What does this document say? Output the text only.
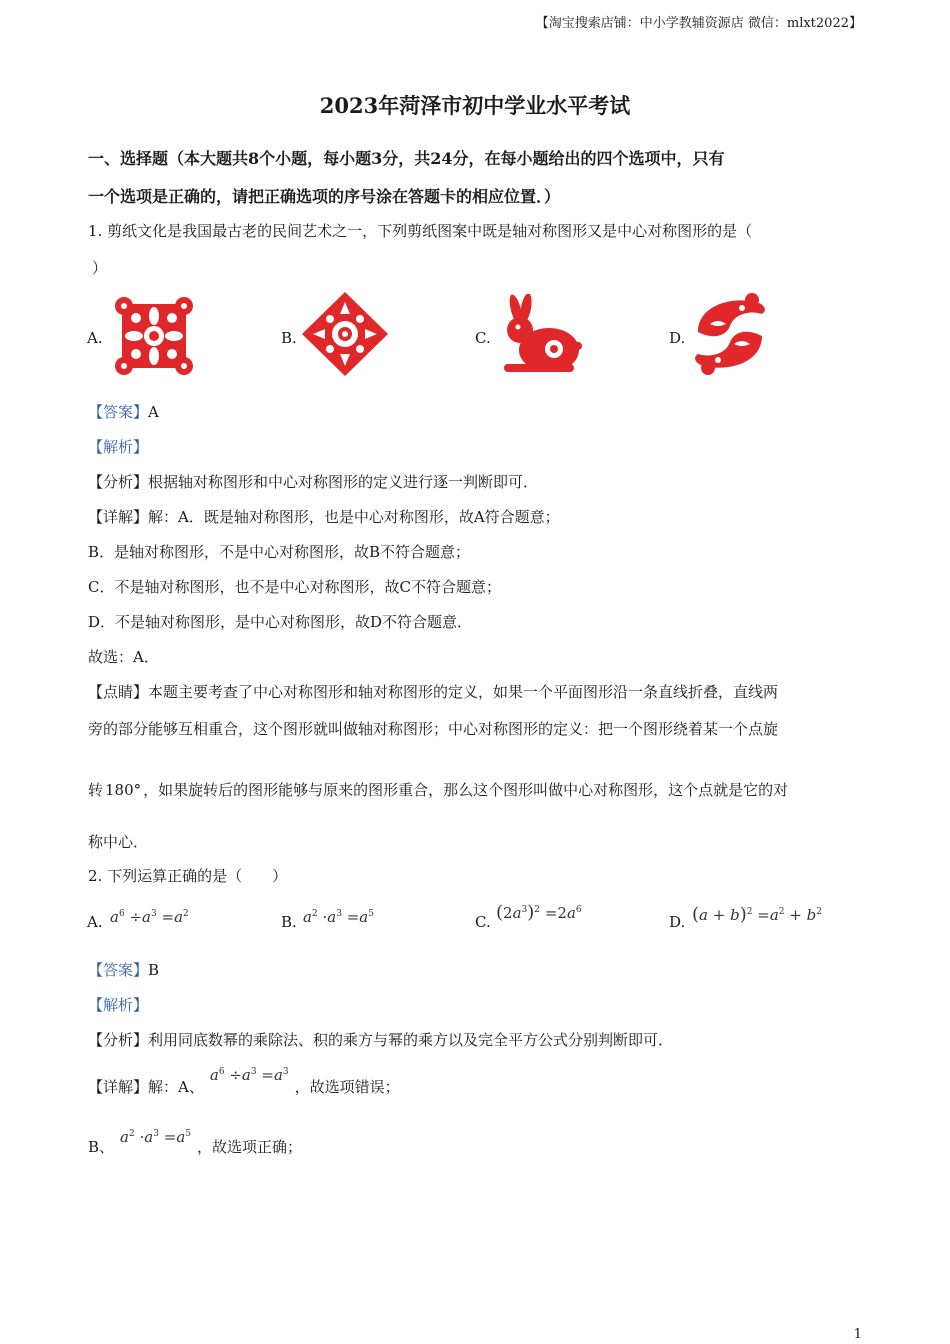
【淘宝搜索店铺：中小学教辅资源店 微信：mlxt2022】
2023年菏泽市初中学业水平考试
一、选择题（本大题共8个小题，每小题3分，共24分，在每小题给出的四个选项中，只有
一个选项是正确的，请把正确选项的序号涂在答题卡的相应位置．）
1. 剪纸文化是我国最古老的民间艺术之一，下列剪纸图案中既是轴对称图形又是中心对称图形的是（
）
A.	B.	C.	D.
【答案】A
【解析】
【分析】根据轴对称图形和中心对称图形的定义进行逐一判断即可．
【详解】解：A．既是轴对称图形，也是中心对称图形，故A符合题意；
B．是轴对称图形，不是中心对称图形，故B不符合题意；
C．不是轴对称图形，也不是中心对称图形，故C不符合题意；
D．不是轴对称图形，是中心对称图形，故D不符合题意．
故选：A．
【点睛】本题主要考查了中心对称图形和轴对称图形的定义，如果一个平面图形沿一条直线折叠，直线两
旁的部分能够互相重合，这个图形就叫做轴对称图形；中心对称图形的定义：把一个图形绕着某一个点旋
转 180° ，如果旋转后的图形能够与原来的图形重合，那么这个图形叫做中心对称图形，这个点就是它的对
称中心．
2. 下列运算正确的是（　　）
A. $a^6 \div a^3 =a^2$	B. $a^2 \cdot a^3 =a^5$	C. $(2a^3)^2 =2a^6$
D. $(a + b)^2 =a^2 + b^2$
【答案】B
【解析】
【分析】利用同底数幂的乘除法、积的乘方与幂的乘方以及完全平方公式分别判断即可．
【详解】解：A、$a^6 \div a^3 =a^3$，故选项错误；
B、$a^2 \cdot a^3 =a^5$，故选项正确；
1
